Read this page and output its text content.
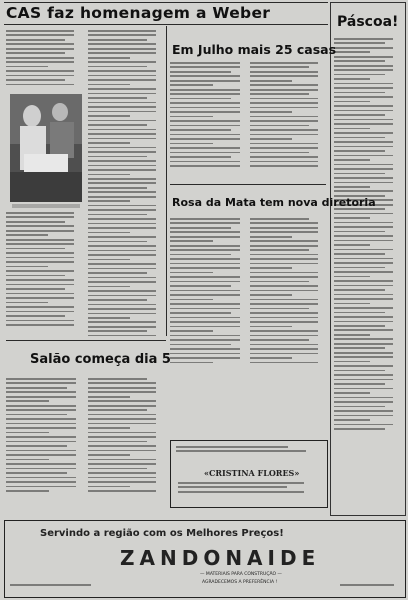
CAS faz homenagem a Weber	Páscoa!
Em Julho mais 25 casas
Rosa da Mata tem nova diretoria
Salão começa dia 5
«CRISTINA FLORES»
Servindo a região com os Melhores Preços!
ZANDONAIDE
— MATERIAIS PARA CONSTRUÇÃO —
AGRADECEMOS A PREFERÊNCIA !
